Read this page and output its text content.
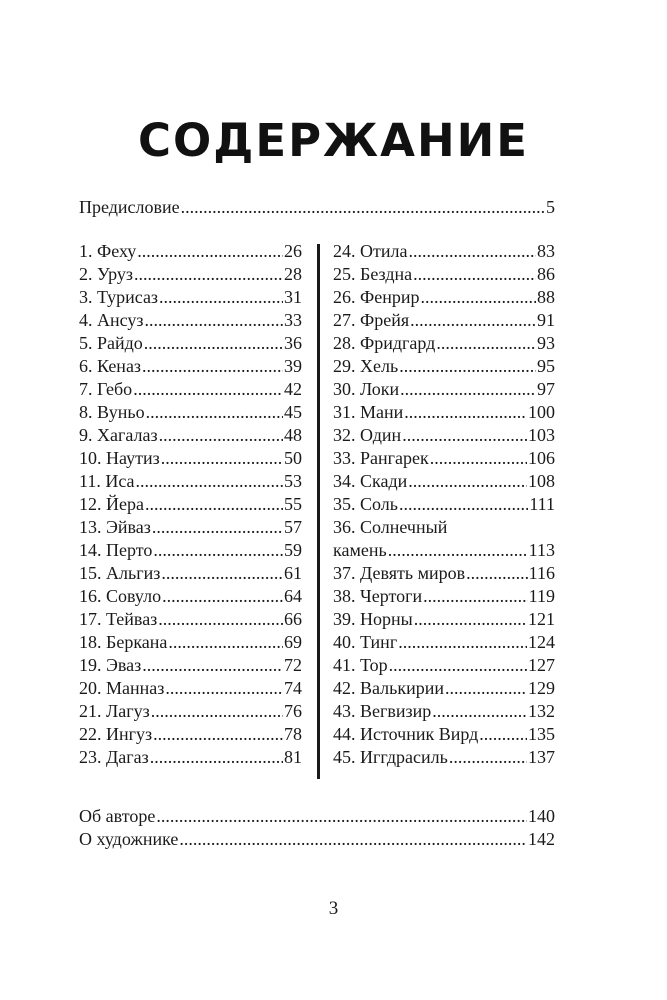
СОДЕРЖАНИЕ
Предисловие .....	5
1. Феху .....	26
2. Уруз .....	28
3. Турисаз .....	31
4. Ансуз .....	33
5. Райдо .....	36
6. Кеназ .....	39
7. Гебо .....	42
8. Вуньо .....	45
9. Хагалаз .....	48
10. Наутиз .....	50
11. Иса .....	53
12. Йера .....	55
13. Эйваз .....	57
14. Перто .....	59
15. Альгиз .....	61
16. Совуло .....	64
17. Тейваз .....	66
18. Беркана .....	69
19. Эваз .....	72
20. Манназ .....	74
21. Лагуз .....	76
22. Ингуз .....	78
23. Дагаз .....	81
24. Отила .....	83
25. Бездна .....	86
26. Фенрир .....	88
27. Фрейя .....	91
28. Фридгард .....	93
29. Хель .....	95
30. Локи .....	97
31. Мани .....	100
32. Один .....	103
33. Рангарек .....	106
34. Скади .....	108
35. Соль .....	111
36. Солнечный
камень .....	113
37. Девять миров .....	116
38. Чертоги .....	119
39. Норны .....	121
40. Тинг .....	124
41. Тор .....	127
42. Валькирии .....	129
43. Вегвизир .....	132
44. Источник Вирд .....	135
45. Иггдрасиль .....	137
Об авторе .....	140
О художнике .....	142
3
